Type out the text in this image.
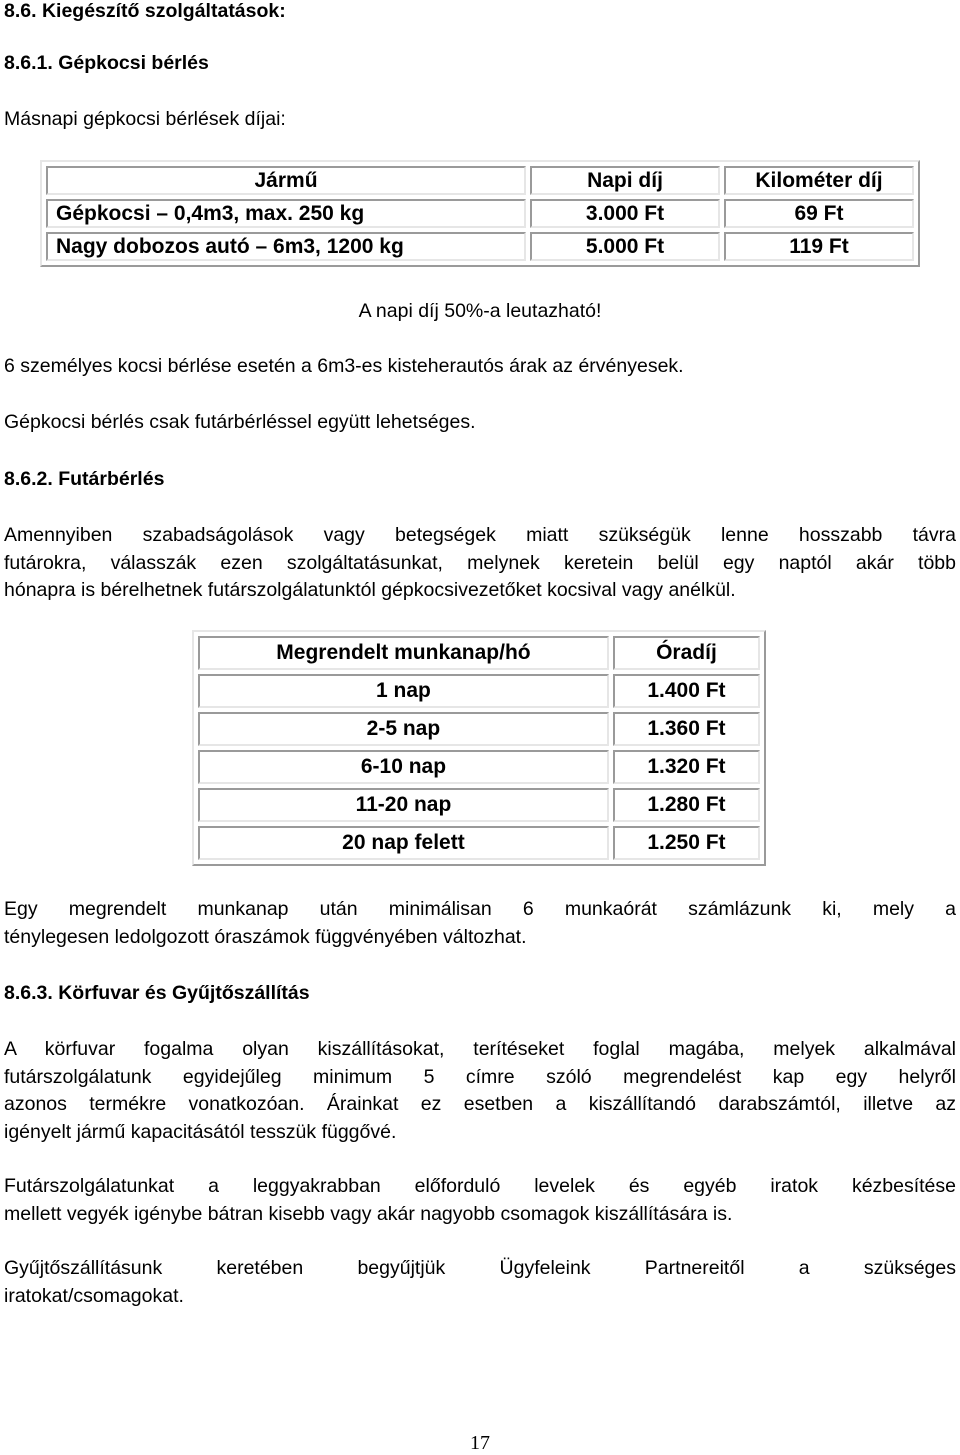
8.6. Kiegészítő szolgáltatások:
8.6.1. Gépkocsi bérlés
Másnapi gépkocsi bérlések díjai:
Jármű	Napi díj	Kilométer díj
Gépkocsi – 0,4m3, max. 250 kg	3.000 Ft	69 Ft
Nagy dobozos autó – 6m3, 1200 kg	5.000 Ft	119 Ft
A napi díj 50%-a leutazható!
6 személyes kocsi bérlése esetén a 6m3-es kisteherautós árak az érvényesek.
Gépkocsi bérlés csak futárbérléssel együtt lehetséges.
8.6.2. Futárbérlés
Amennyiben szabadságolások vagy betegségek miatt szükségük lenne hosszabb távra
futárokra, válasszák ezen szolgáltatásunkat, melynek keretein belül egy naptól akár több
hónapra is bérelhetnek futárszolgálatunktól gépkocsivezetőket kocsival vagy anélkül.
Megrendelt munkanap/hó	Óradíj
1 nap	1.400 Ft
2-5 nap	1.360 Ft
6-10 nap	1.320 Ft
11-20 nap	1.280 Ft
20 nap felett	1.250 Ft
Egy megrendelt munkanap után minimálisan 6 munkaórát számlázunk ki, mely a
ténylegesen ledolgozott óraszámok függvényében változhat.
8.6.3. Körfuvar és Gyűjtőszállítás
A körfuvar fogalma olyan kiszállításokat, terítéseket foglal magába, melyek alkalmával
futárszolgálatunk egyidejűleg minimum 5 címre szóló megrendelést kap egy helyről
azonos termékre vonatkozóan. Árainkat ez esetben a kiszállítandó darabszámtól, illetve az
igényelt jármű kapacitásától tesszük függővé.
Futárszolgálatunkat a leggyakrabban előforduló levelek és egyéb iratok kézbesítése
mellett vegyék igénybe bátran kisebb vagy akár nagyobb csomagok kiszállítására is.
Gyűjtőszállításunk keretében begyűjtjük Ügyfeleink Partnereitől a szükséges
iratokat/csomagokat.
17
